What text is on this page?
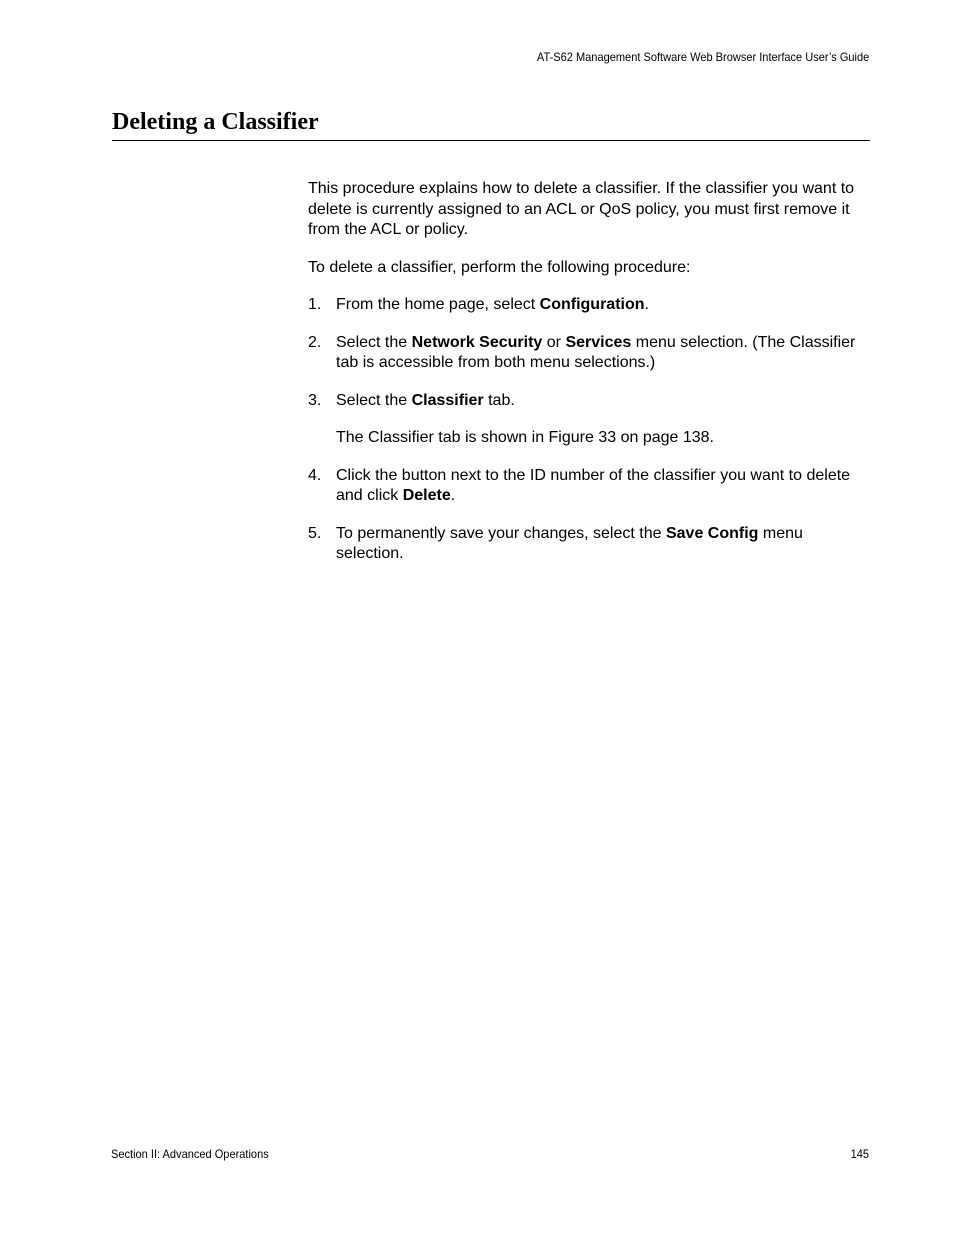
AT-S62 Management Software Web Browser Interface User’s Guide
Deleting a Classifier

This procedure explains how to delete a classifier. If the classifier you want to delete is currently assigned to an ACL or QoS policy, you must first remove it from the ACL or policy.

To delete a classifier, perform the following procedure:

1. From the home page, select Configuration.

2. Select the Network Security or Services menu selection. (The Classifier tab is accessible from both menu selections.)

3. Select the Classifier tab.

The Classifier tab is shown in Figure 33 on page 138.

4. Click the button next to the ID number of the classifier you want to delete and click Delete.

5. To permanently save your changes, select the Save Config menu selection.

Section II: Advanced Operations	145
